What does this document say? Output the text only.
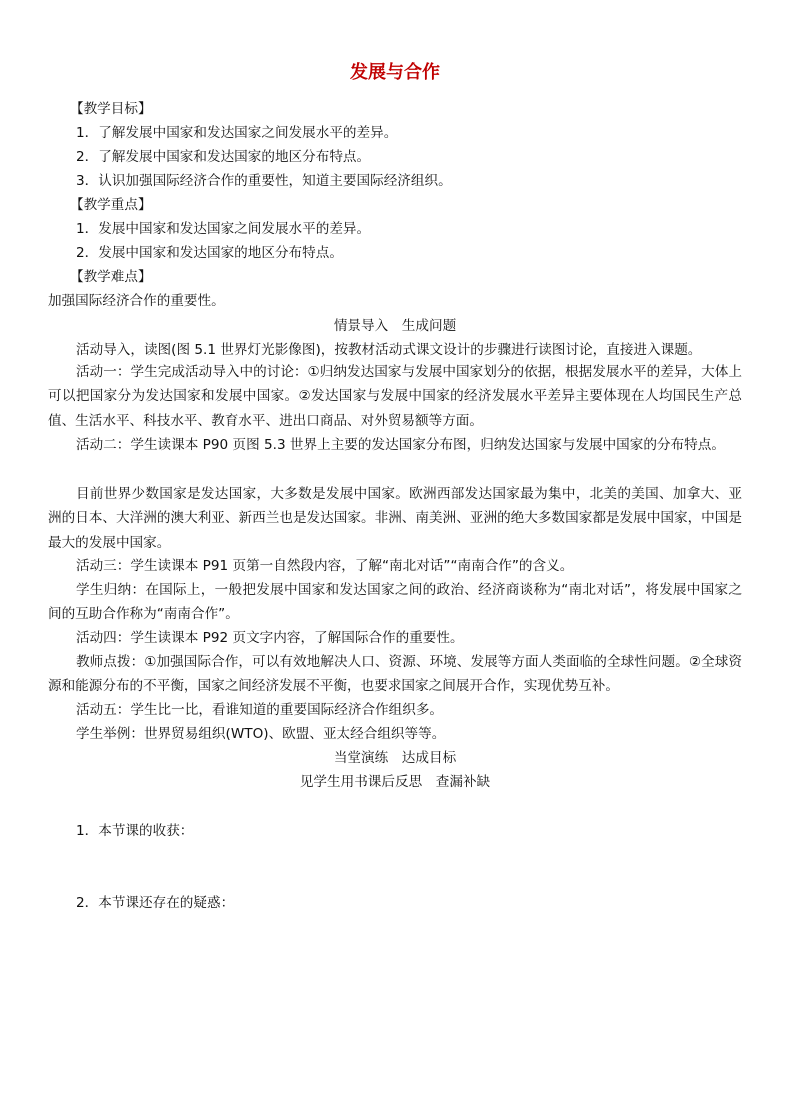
发展与合作
【教学目标】
1．了解发展中国家和发达国家之间发展水平的差异。
2．了解发展中国家和发达国家的地区分布特点。
3．认识加强国际经济合作的重要性，知道主要国际经济组织。
【教学重点】
1．发展中国家和发达国家之间发展水平的差异。
2．发展中国家和发达国家的地区分布特点。
【教学难点】
加强国际经济合作的重要性。
情景导入　生成问题
活动导入，读图(图 5.1 世界灯光影像图)，按教材活动式课文设计的步骤进行读图讨论，直接进入课题。
活动一：学生完成活动导入中的讨论：①归纳发达国家与发展中国家划分的依据，根据发展水平的差异，大体上可以把国家分为发达国家和发展中国家。②发达国家与发展中国家的经济发展水平差异主要体现在人均国民生产总值、生活水平、科技水平、教育水平、进出口商品、对外贸易额等方面。
活动二：学生读课本 P90 页图 5.3 世界上主要的发达国家分布图，归纳发达国家与发展中国家的分布特点。
目前世界少数国家是发达国家，大多数是发展中国家。欧洲西部发达国家最为集中，北美的美国、加拿大、亚洲的日本、大洋洲的澳大利亚、新西兰也是发达国家。非洲、南美洲、亚洲的绝大多数国家都是发展中国家，中国是最大的发展中国家。
活动三：学生读课本 P91 页第一自然段内容，了解“南北对话”“南南合作”的含义。
学生归纳：在国际上，一般把发展中国家和发达国家之间的政治、经济商谈称为“南北对话”，将发展中国家之间的互助合作称为“南南合作”。
活动四：学生读课本 P92 页文字内容，了解国际合作的重要性。
教师点拨：①加强国际合作，可以有效地解决人口、资源、环境、发展等方面人类面临的全球性问题。②全球资源和能源分布的不平衡，国家之间经济发展不平衡，也要求国家之间展开合作，实现优势互补。
活动五：学生比一比，看谁知道的重要国际经济合作组织多。
学生举例：世界贸易组织(WTO)、欧盟、亚太经合组织等等。
当堂演练　达成目标
见学生用书课后反思　查漏补缺
1．本节课的收获：
2．本节课还存在的疑惑：
